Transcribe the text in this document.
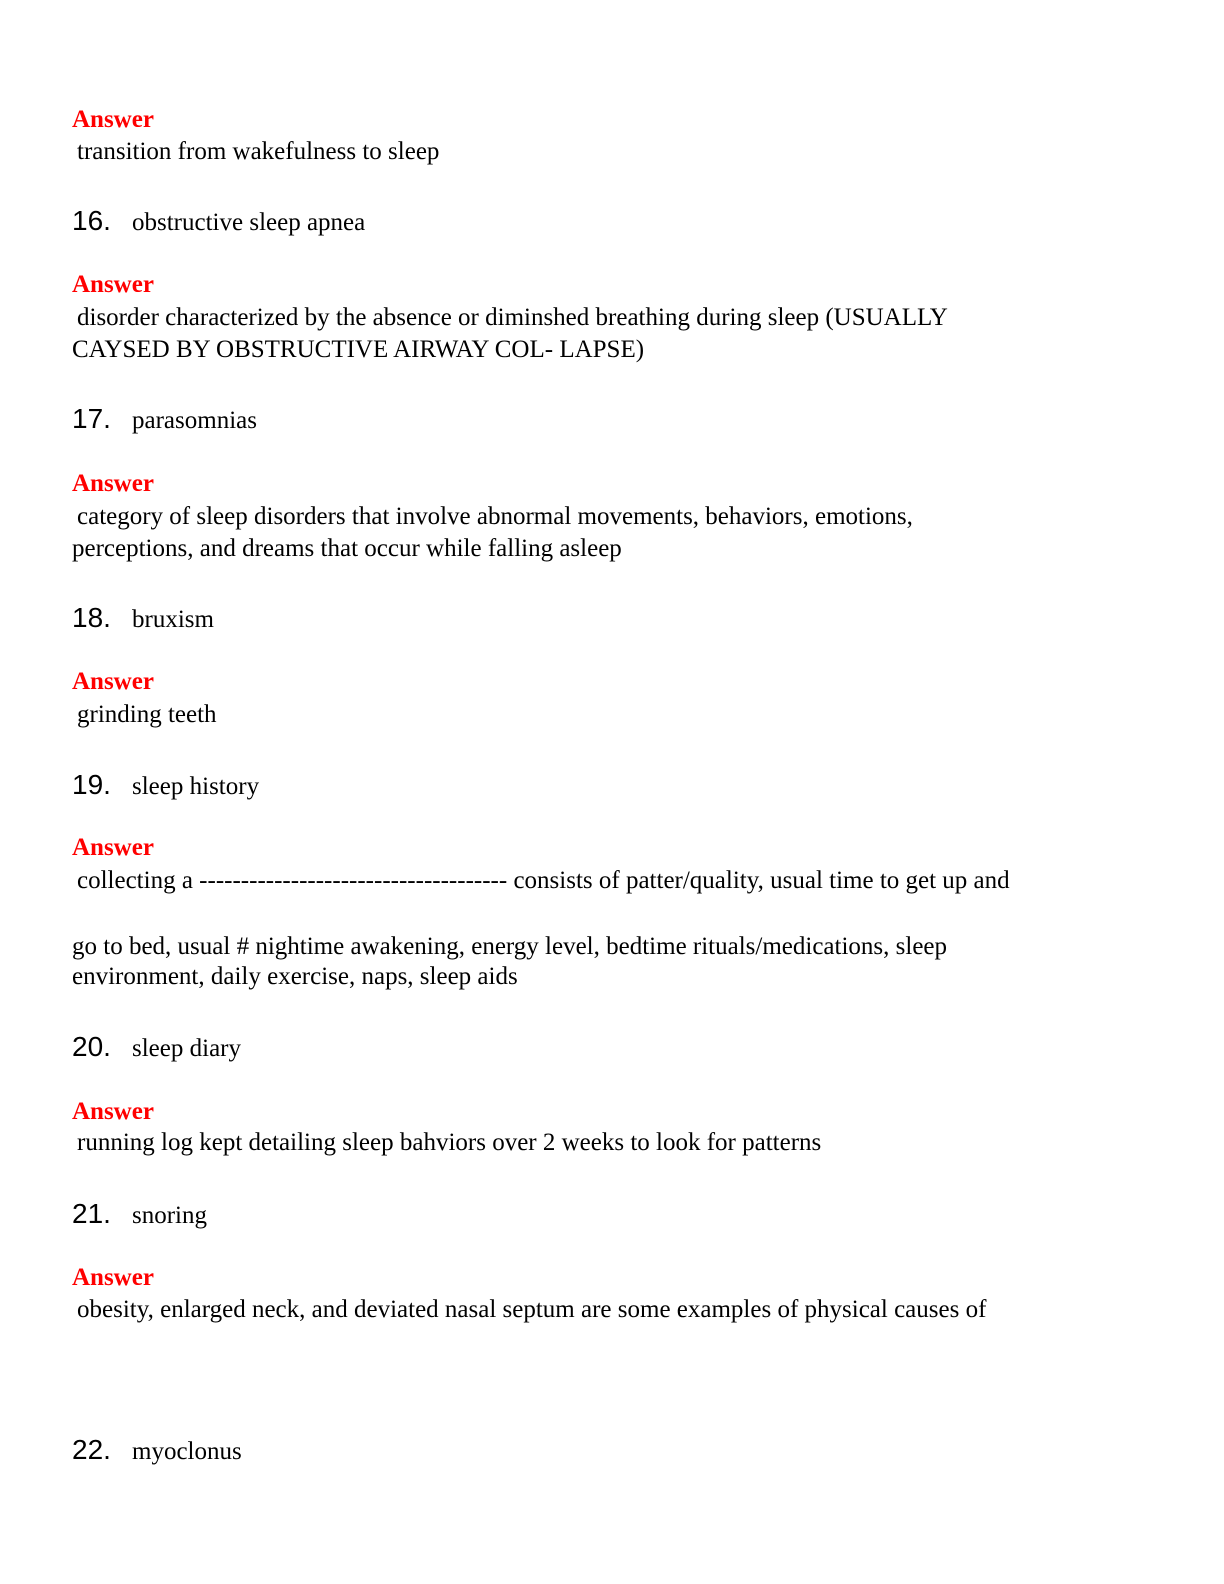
Answer
transition from wakefulness to sleep
16. obstructive sleep apnea
Answer
disorder characterized by the absence or diminshed breathing during sleep (USUALLY
CAYSED BY OBSTRUCTIVE AIRWAY COL- LAPSE)
17. parasomnias
Answer
category of sleep disorders that involve abnormal movements, behaviors, emotions,
perceptions, and dreams that occur while falling asleep
18. bruxism
Answer
grinding teeth
19. sleep history
Answer
collecting a ------------------------------------- consists of patter/quality, usual time to get up and
go to bed, usual # nightime awakening, energy level, bedtime rituals/medications, sleep
environment, daily exercise, naps, sleep aids
20. sleep diary
Answer
running log kept detailing sleep bahviors over 2 weeks to look for patterns
21. snoring
Answer
obesity, enlarged neck, and deviated nasal septum are some examples of physical causes of
22. myoclonus
